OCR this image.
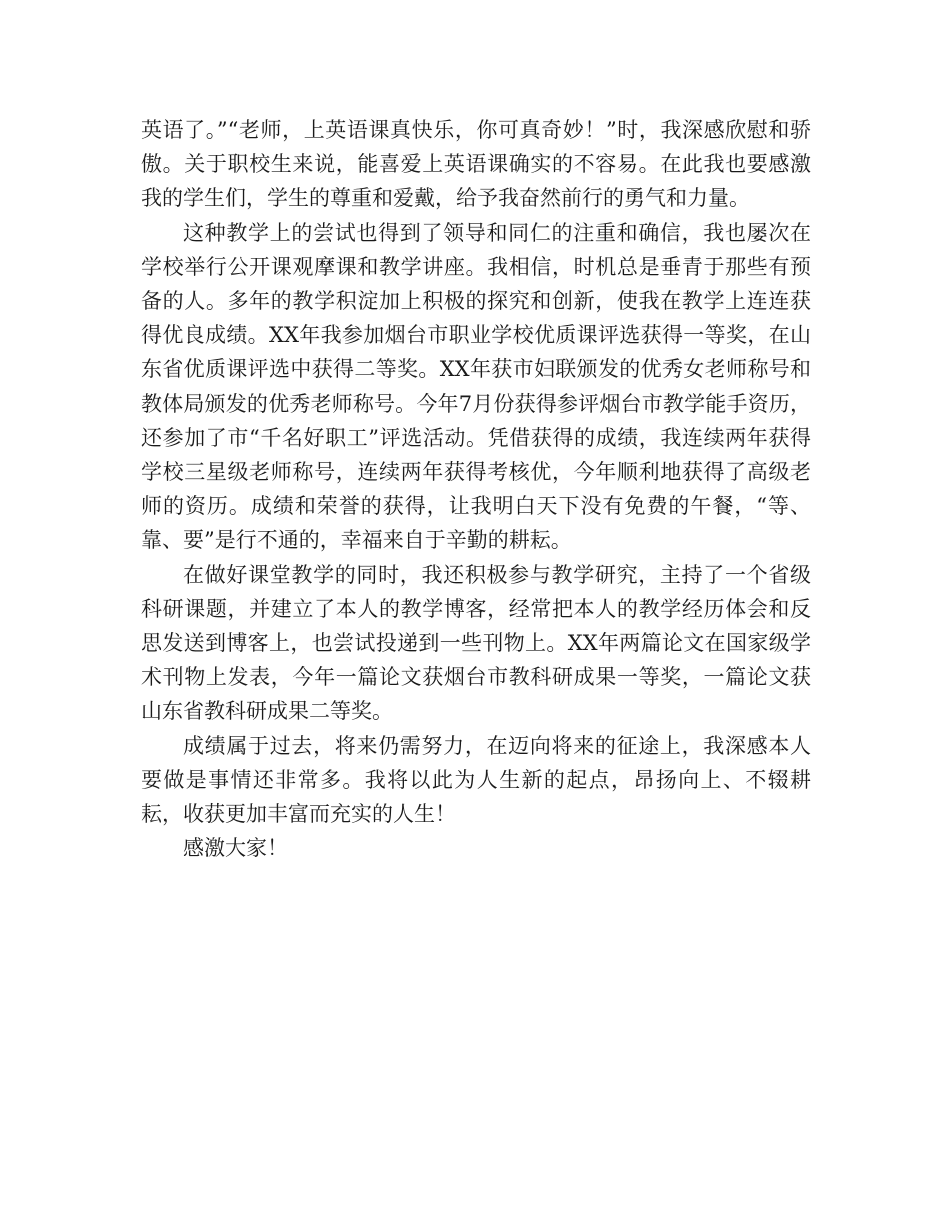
英语了。”“老师，上英语课真快乐，你可真奇妙！”时，我深感欣慰和骄傲。关于职校生来说，能喜爱上英语课确实的不容易。在此我也要感激我的学生们，学生的尊重和爱戴，给予我奋然前行的勇气和力量。

这种教学上的尝试也得到了领导和同仁的注重和确信，我也屡次在学校举行公开课观摩课和教学讲座。我相信，时机总是垂青于那些有预备的人。多年的教学积淀加上积极的探究和创新，使我在教学上连连获得优良成绩。XX年我参加烟台市职业学校优质课评选获得一等奖，在山东省优质课评选中获得二等奖。XX年获市妇联颁发的优秀女老师称号和教体局颁发的优秀老师称号。今年7月份获得参评烟台市教学能手资历，还参加了市“千名好职工”评选活动。凭借获得的成绩，我连续两年获得学校三星级老师称号，连续两年获得考核优，今年顺利地获得了高级老师的资历。成绩和荣誉的获得，让我明白天下没有免费的午餐，“等、靠、要”是行不通的，幸福来自于辛勤的耕耘。

在做好课堂教学的同时，我还积极参与教学研究，主持了一个省级科研课题，并建立了本人的教学博客，经常把本人的教学经历体会和反思发送到博客上，也尝试投递到一些刊物上。XX年两篇论文在国家级学术刊物上发表，今年一篇论文获烟台市教科研成果一等奖，一篇论文获山东省教科研成果二等奖。

成绩属于过去，将来仍需努力，在迈向将来的征途上，我深感本人要做是事情还非常多。我将以此为人生新的起点，昂扬向上、不辍耕耘，收获更加丰富而充实的人生！

感激大家！
